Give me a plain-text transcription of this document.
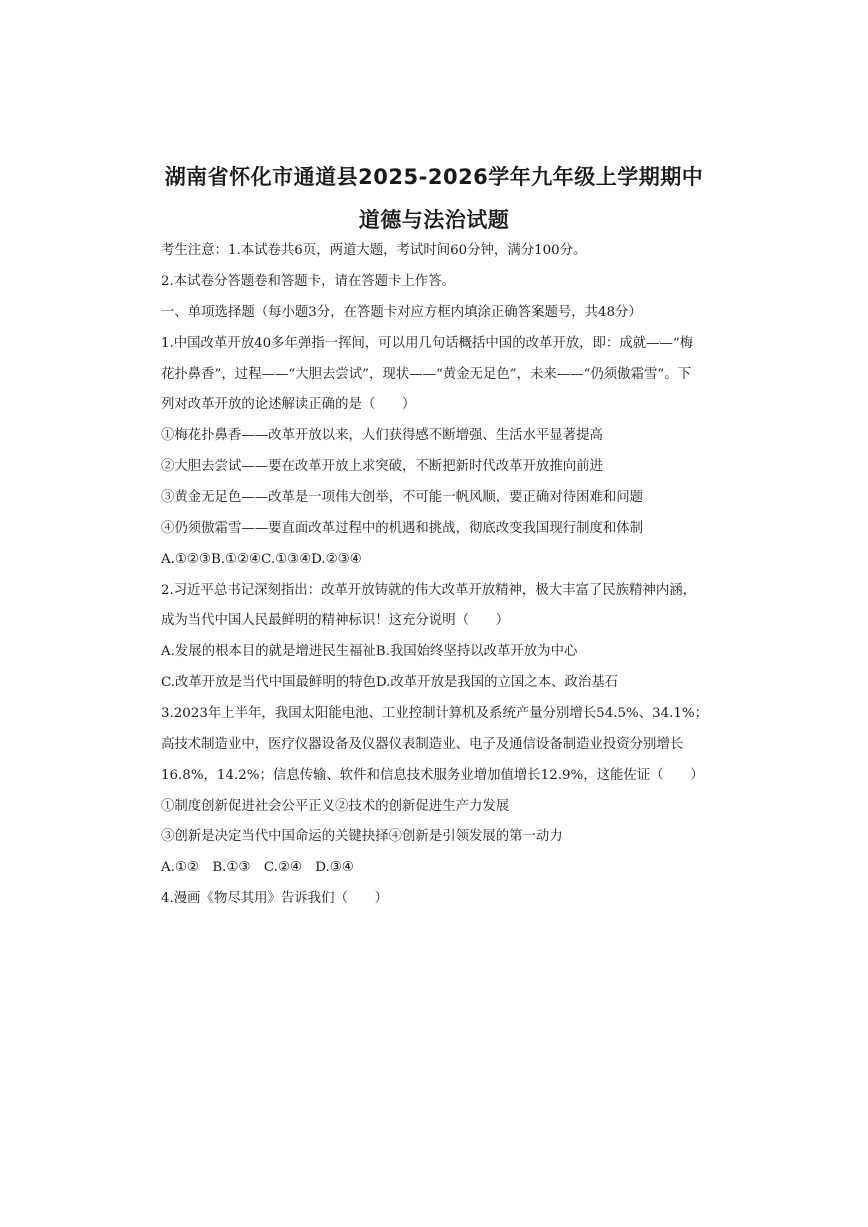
湖南省怀化市通道县2025-2026学年九年级上学期期中
道德与法治试题
考生注意：1.本试卷共6页，两道大题，考试时间60分钟，满分100分。
2.本试卷分答题卷和答题卡，请在答题卡上作答。
一、单项选择题（每小题3分，在答题卡对应方框内填涂正确答案题号，共48分）
1.中国改革开放40多年弹指一挥间，可以用几句话概括中国的改革开放，即：成就——“梅
花扑鼻香”，过程——“大胆去尝试”，现状——“黄金无足色”，未来——“仍须傲霜雪”。下
列对改革开放的论述解读正确的是（　　）
①梅花扑鼻香——改革开放以来，人们获得感不断增强、生活水平显著提高
②大胆去尝试——要在改革开放上求突破，不断把新时代改革开放推向前进
③黄金无足色——改革是一项伟大创举，不可能一帆风顺，要正确对待困难和问题
④仍须傲霜雪——要直面改革过程中的机遇和挑战，彻底改变我国现行制度和体制
A.①②③B.①②④C.①③④D.②③④
2.习近平总书记深刻指出：改革开放铸就的伟大改革开放精神，极大丰富了民族精神内涵，
成为当代中国人民最鲜明的精神标识！这充分说明（　　）
A.发展的根本目的就是增进民生福祉B.我国始终坚持以改革开放为中心
C.改革开放是当代中国最鲜明的特色D.改革开放是我国的立国之本、政治基石
3.2023年上半年，我国太阳能电池、工业控制计算机及系统产量分别增长54.5%、34.1%；
高技术制造业中，医疗仪器设备及仪器仪表制造业、电子及通信设备制造业投资分别增长
16.8%，14.2%；信息传输、软件和信息技术服务业增加值增长12.9%，这能佐证（　　）
①制度创新促进社会公平正义②技术的创新促进生产力发展
③创新是决定当代中国命运的关键抉择④创新是引领发展的第一动力
A.①②　B.①③　C.②④　D.③④
4.漫画《物尽其用》告诉我们（　　）
